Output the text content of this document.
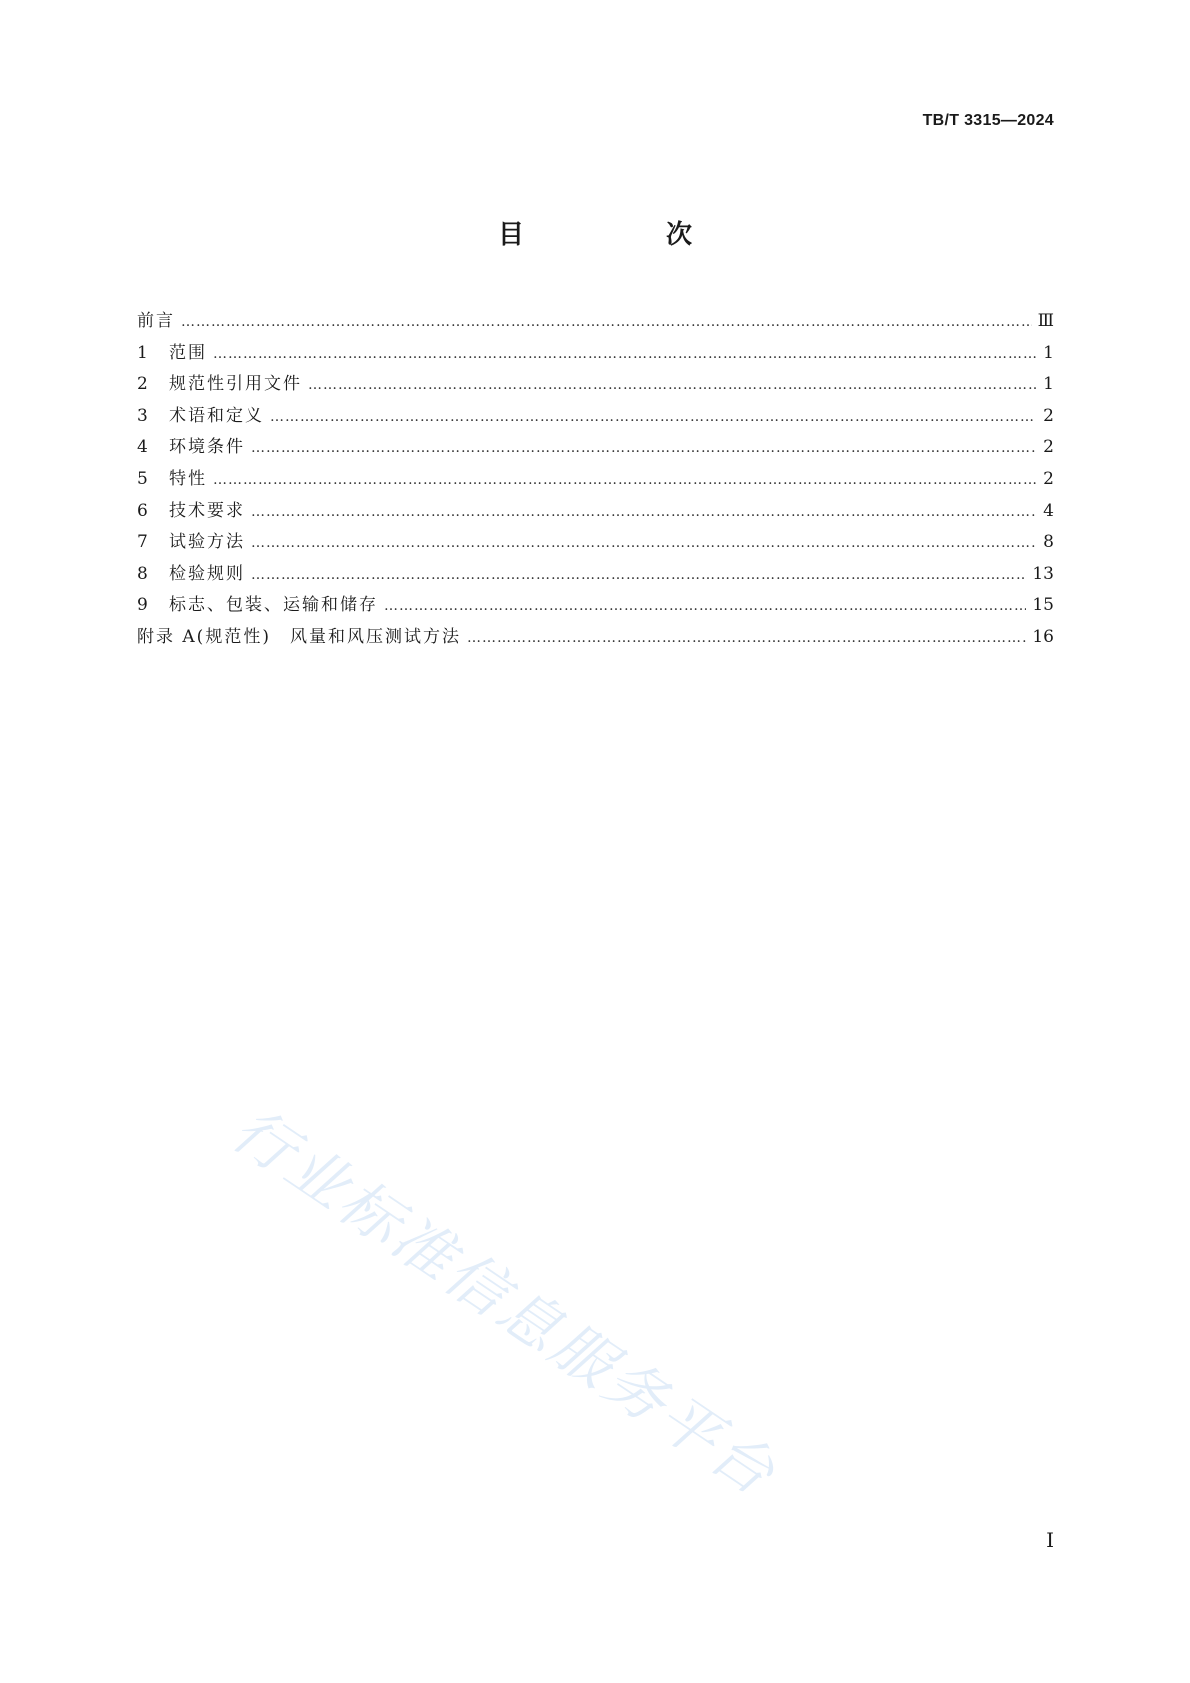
TB/T 3315—2024
目　次
前言 …………………………………………………………………………………………………………………………………………………………………………………………	Ⅲ
1	范围 …………………………………………………………………………………………………………………………………………………………………………………………	1
2	规范性引用文件 …………………………………………………………………………………………………………………………………………………………………………………………	1
3	术语和定义 …………………………………………………………………………………………………………………………………………………………………………………………	2
4	环境条件 …………………………………………………………………………………………………………………………………………………………………………………………	2
5	特性 …………………………………………………………………………………………………………………………………………………………………………………………	2
6	技术要求 …………………………………………………………………………………………………………………………………………………………………………………………	4
7	试验方法 …………………………………………………………………………………………………………………………………………………………………………………………	8
8	检验规则 …………………………………………………………………………………………………………………………………………………………………………………………	13
9	标志、包装、运输和储存 …………………………………………………………………………………………………………………………………………………………………………………………	15
附录 A(规范性)　风量和风压测试方法 …………………………………………………………………………………………………………………………………………………………………………………………	16
行业标准信息服务平台
Ⅰ
